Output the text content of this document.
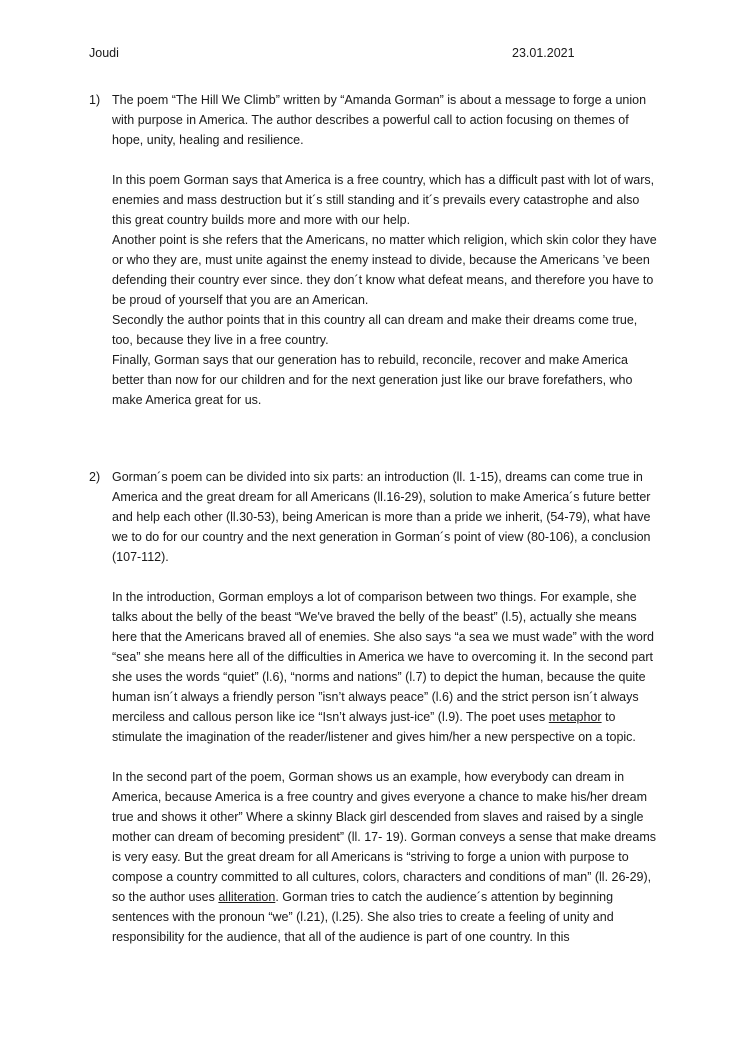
Joudi	23.01.2021
1) The poem “The Hill We Climb” written by “Amanda Gorman” is about a message to forge a union with purpose in America. The author describes a powerful call to action focusing on themes of hope, unity, healing and resilience.

In this poem Gorman says that America is a free country, which has a difficult past with lot of wars, enemies and mass destruction but it´s still standing and it´s prevails every catastrophe and also this great country builds more and more with our help.

Another point is she refers that the Americans, no matter which religion, which skin color they have or who they are, must unite against the enemy instead to divide, because the Americans ’ve been defending their country ever since. they don´t know what defeat means, and therefore you have to be proud of yourself that you are an American.

Secondly the author points that in this country all can dream and make their dreams come true, too, because they live in a free country.

Finally, Gorman says that our generation has to rebuild, reconcile, recover and make America better than now for our children and for the next generation just like our brave forefathers, who make America great for us.

2) Gorman´s poem can be divided into six parts: an introduction (ll. 1-15), dreams can come true in America and the great dream for all Americans (ll.16-29), solution to make America´s future better and help each other (ll.30-53), being American is more than a pride we inherit, (54-79), what have we to do for our country and the next generation in Gorman´s point of view (80-106), a conclusion (107-112).

In the introduction, Gorman employs a lot of comparison between two things. For example, she talks about the belly of the beast “We've braved the belly of the beast” (l.5), actually she means here that the Americans braved all of enemies. She also says “a sea we must wade” with the word “sea” she means here all of the difficulties in America we have to overcoming it. In the second part she uses the words “quiet” (l.6), “norms and nations” (l.7) to depict the human, because the quite human isn´t always a friendly person ”isn’t always peace” (l.6) and the strict person isn´t always merciless and callous person like ice “Isn’t always just-ice” (l.9). The poet uses metaphor to stimulate the imagination of the reader/listener and gives him/her a new perspective on a topic.

In the second part of the poem, Gorman shows us an example, how everybody can dream in America, because America is a free country and gives everyone a chance to make his/her dream true and shows it other” Where a skinny Black girl descended from slaves and raised by a single mother can dream of becoming president” (ll. 17- 19). Gorman conveys a sense that make dreams is very easy. But the great dream for all Americans is “striving to forge a union with purpose to compose a country committed to all cultures, colors, characters and conditions of man” (ll. 26-29), so the author uses alliteration. Gorman tries to catch the audience´s attention by beginning sentences with the pronoun “we” (l.21), (l.25). She also tries to create a feeling of unity and responsibility for the audience, that all of the audience is part of one country. In this
